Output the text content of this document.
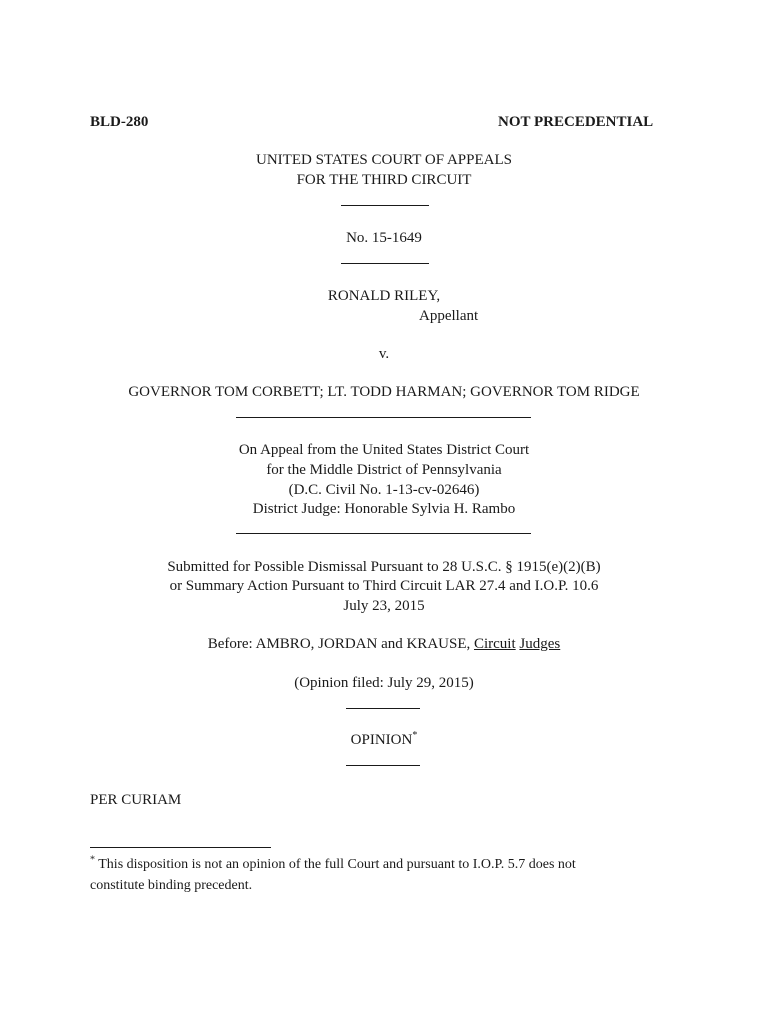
BLD-280	NOT PRECEDENTIAL
UNITED STATES COURT OF APPEALS
FOR THE THIRD CIRCUIT
No. 15-1649
RONALD RILEY,
Appellant
v.
GOVERNOR TOM CORBETT; LT. TODD HARMAN; GOVERNOR TOM RIDGE
On Appeal from the United States District Court
for the Middle District of Pennsylvania
(D.C. Civil No. 1-13-cv-02646)
District Judge: Honorable Sylvia H. Rambo
Submitted for Possible Dismissal Pursuant to 28 U.S.C. § 1915(e)(2)(B)
or Summary Action Pursuant to Third Circuit LAR 27.4 and I.O.P. 10.6
July 23, 2015
Before: AMBRO, JORDAN and KRAUSE, Circuit Judges
(Opinion filed: July 29, 2015)
OPINION*
PER CURIAM
* This disposition is not an opinion of the full Court and pursuant to I.O.P. 5.7 does not
constitute binding precedent.
